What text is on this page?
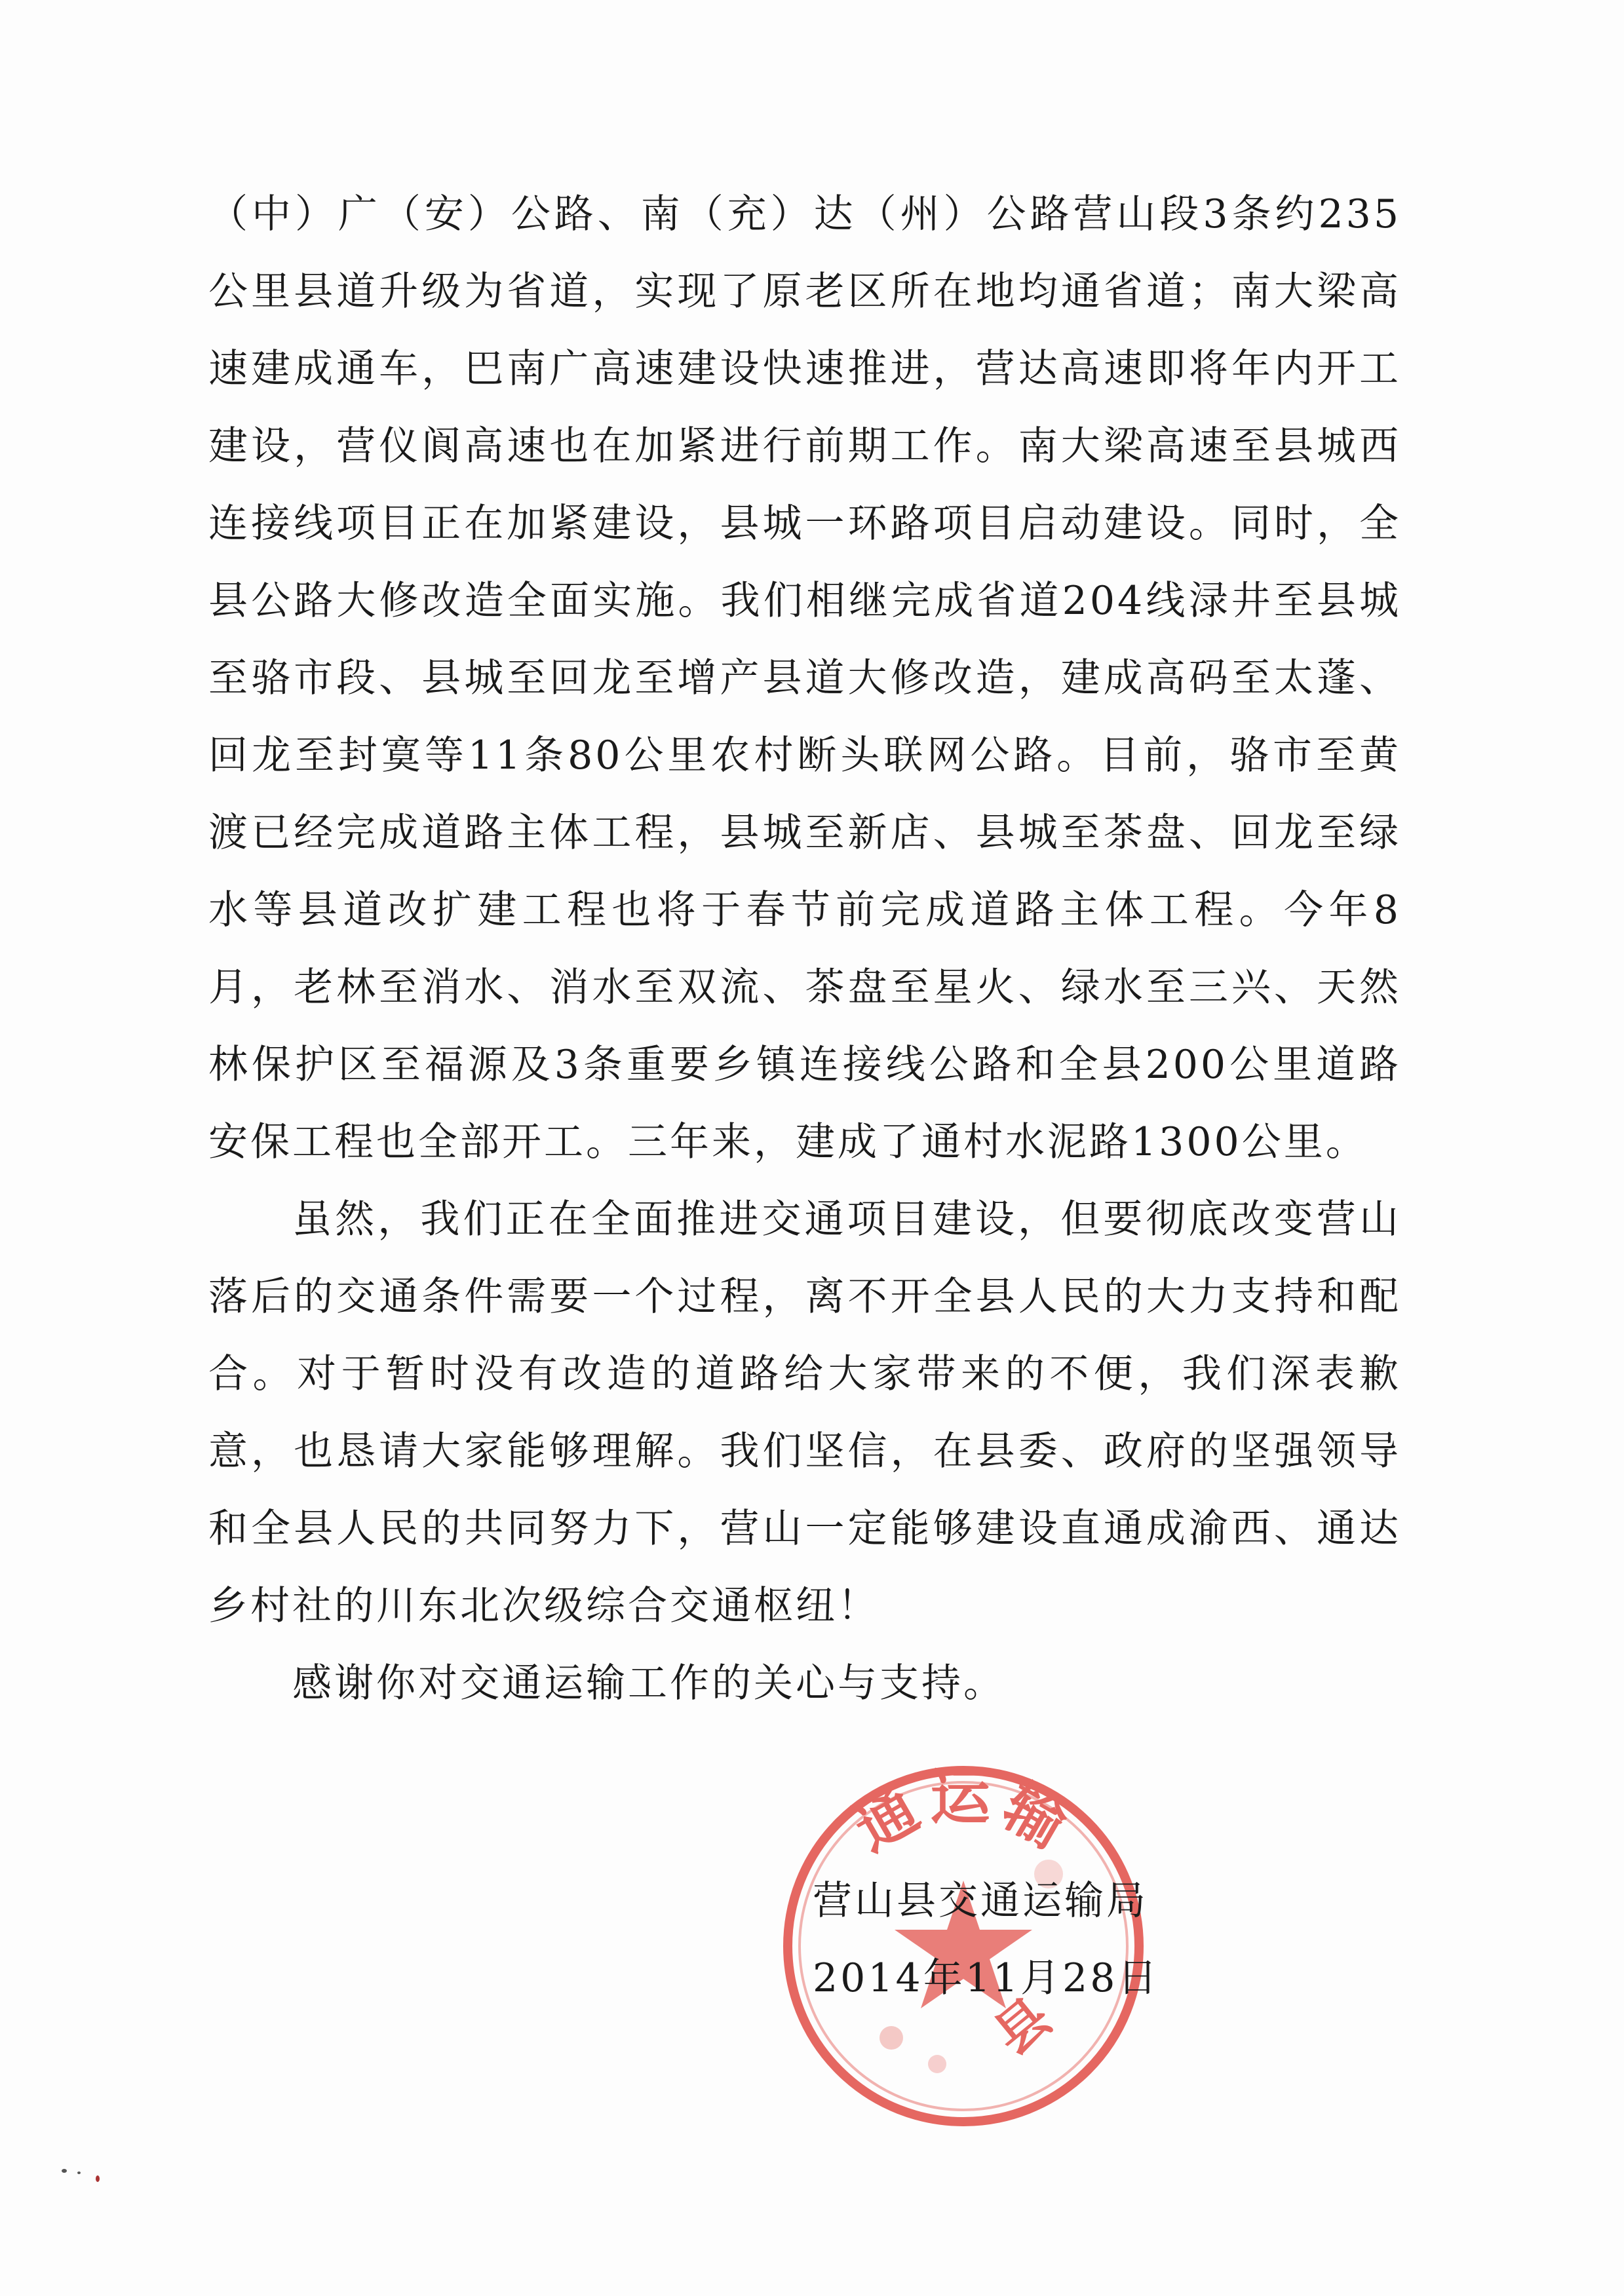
（中）广（安）公路、南（充）达（州）公路营山段3条约235公里县道升级为省道，实现了原老区所在地均通省道；南大梁高速建成通车，巴南广高速建设快速推进，营达高速即将年内开工建设，营仪阆高速也在加紧进行前期工作。南大梁高速至县城西连接线项目正在加紧建设，县城一环路项目启动建设。同时，全县公路大修改造全面实施。我们相继完成省道204线渌井至县城至骆市段、县城至回龙至增产县道大修改造，建成高码至太蓬、回龙至封寞等11条80公里农村断头联网公路。目前，骆市至黄渡已经完成道路主体工程，县城至新店、县城至茶盘、回龙至绿水等县道改扩建工程也将于春节前完成道路主体工程。今年8月，老林至消水、消水至双流、茶盘至星火、绿水至三兴、天然林保护区至福源及3条重要乡镇连接线公路和全县200公里道路安保工程也全部开工。三年来，建成了通村水泥路1300公里。

虽然，我们正在全面推进交通项目建设，但要彻底改变营山落后的交通条件需要一个过程，离不开全县人民的大力支持和配合。对于暂时没有改造的道路给大家带来的不便，我们深表歉意，也恳请大家能够理解。我们坚信，在县委、政府的坚强领导和全县人民的共同努力下，营山一定能够建设直通成渝西、通达乡村社的川东北次级综合交通枢纽！

感谢你对交通运输工作的关心与支持。

通运输
县
营山县交通运输局
2014年11月28日
